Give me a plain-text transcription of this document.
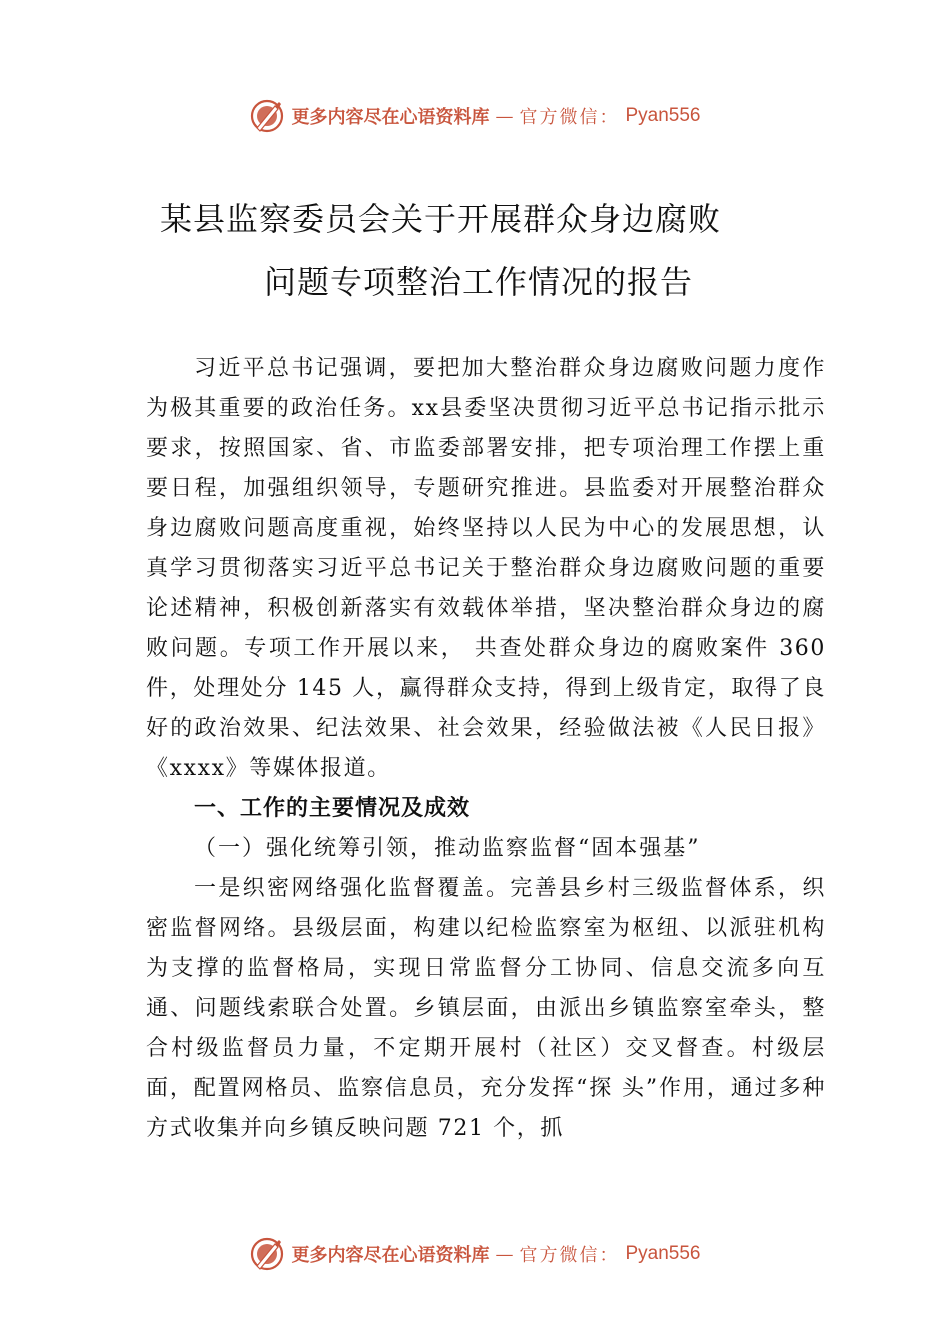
更多内容尽在心语资料库 — 官方微信： Pyan556
某县监察委员会关于开展群众身边腐败
问题专项整治工作情况的报告

习近平总书记强调，要把加大整治群众身边腐败问题力度作为极其重要的政治任务。xx县委坚决贯彻习近平总书记指示批示要求，按照国家、省、市监委部署安排，把专项治理工作摆上重要日程，加强组织领导，专题研究推进。县监委对开展整治群众身边腐败问题高度重视，始终坚持以人民为中心的发展思想，认真学习贯彻落实习近平总书记关于整治群众身边腐败问题的重要论述精神，积极创新落实有效载体举措，坚决整治群众身边的腐败问题。专项工作开展以来， 共查处群众身边的腐败案件 360 件，处理处分 145 人，赢得群众支持，得到上级肯定，取得了良好的政治效果、纪法效果、社会效果，经验做法被《人民日报》《xxxx》等媒体报道。

一、工作的主要情况及成效

（一）强化统筹引领，推动监察监督“固本强基”

一是织密网络强化监督覆盖。完善县乡村三级监督体系，织密监督网络。县级层面，构建以纪检监察室为枢纽、以派驻机构为支撑的监督格局，实现日常监督分工协同、信息交流多向互通、问题线索联合处置。乡镇层面，由派出乡镇监察室牵头，整合村级监督员力量，不定期开展村（社区）交叉督查。村级层面，配置网格员、监察信息员，充分发挥“探 头”作用，通过多种方式收集并向乡镇反映问题 721 个，抓

更多内容尽在心语资料库 — 官方微信： Pyan556
